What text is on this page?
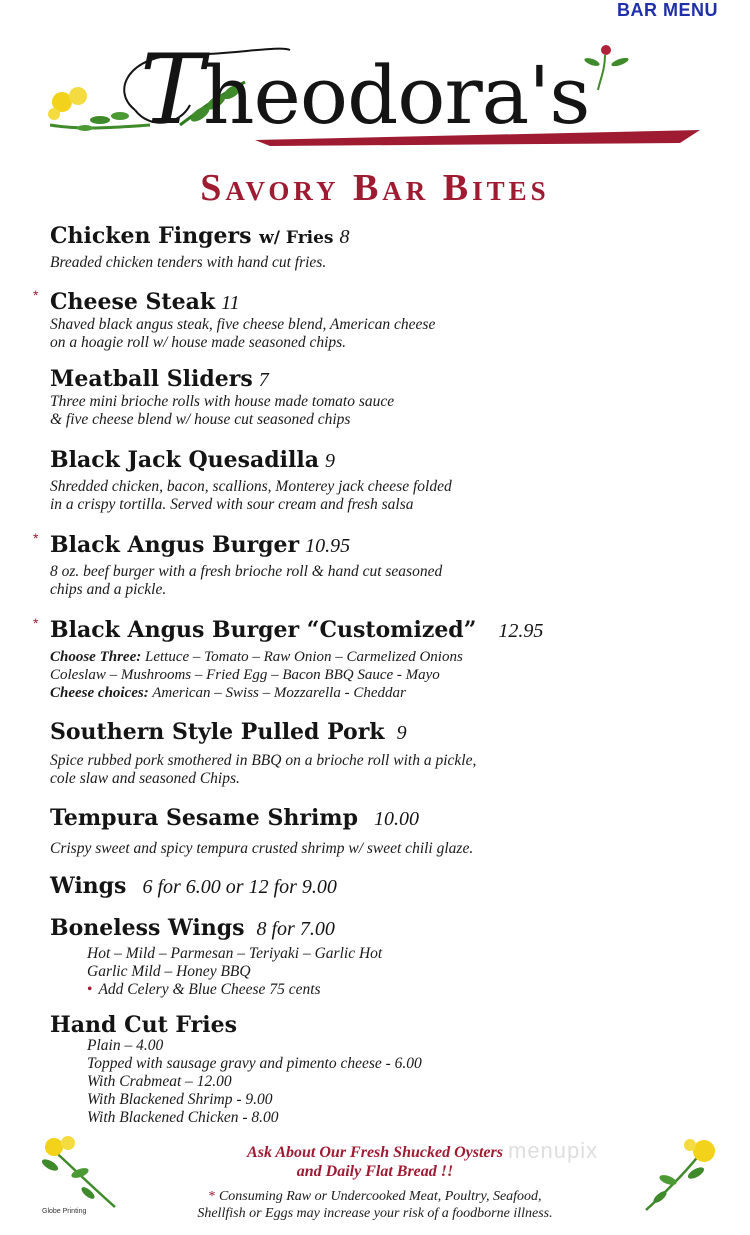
BAR MENU
Theodora's
Savory Bar Bites
Chicken Fingers w/ Fries 8
Breaded chicken tenders with hand cut fries.
* Cheese Steak 11
Shaved black angus steak, five cheese blend, American cheese
on a hoagie roll w/ house made seasoned chips.
Meatball Sliders 7
Three mini brioche rolls with house made tomato sauce
& five cheese blend w/ house cut seasoned chips
Black Jack Quesadilla 9
Shredded chicken, bacon, scallions, Monterey jack cheese folded
in a crispy tortilla. Served with sour cream and fresh salsa
* Black Angus Burger 10.95
8 oz. beef burger with a fresh brioche roll & hand cut seasoned
chips and a pickle.
* Black Angus Burger “Customized” 12.95
Choose Three: Lettuce – Tomato – Raw Onion – Carmelized Onions
Coleslaw – Mushrooms – Fried Egg – Bacon BBQ Sauce - Mayo
Cheese choices: American – Swiss – Mozzarella - Cheddar
Southern Style Pulled Pork 9
Spice rubbed pork smothered in BBQ on a brioche roll with a pickle,
cole slaw and seasoned Chips.
Tempura Sesame Shrimp 10.00
Crispy sweet and spicy tempura crusted shrimp w/ sweet chili glaze.
Wings 6 for 6.00 or 12 for 9.00
Boneless Wings 8 for 7.00
Hot – Mild – Parmesan – Teriyaki – Garlic Hot
Garlic Mild – Honey BBQ
• Add Celery & Blue Cheese 75 cents
Hand Cut Fries
Plain – 4.00
Topped with sausage gravy and pimento cheese - 6.00
With Crabmeat – 12.00
With Blackened Shrimp - 9.00
With Blackened Chicken - 8.00
menupix
Ask About Our Fresh Shucked Oysters
and Daily Flat Bread !!
* Consuming Raw or Undercooked Meat, Poultry, Seafood,
Shellfish or Eggs may increase your risk of a foodborne illness.
Globe Printing
